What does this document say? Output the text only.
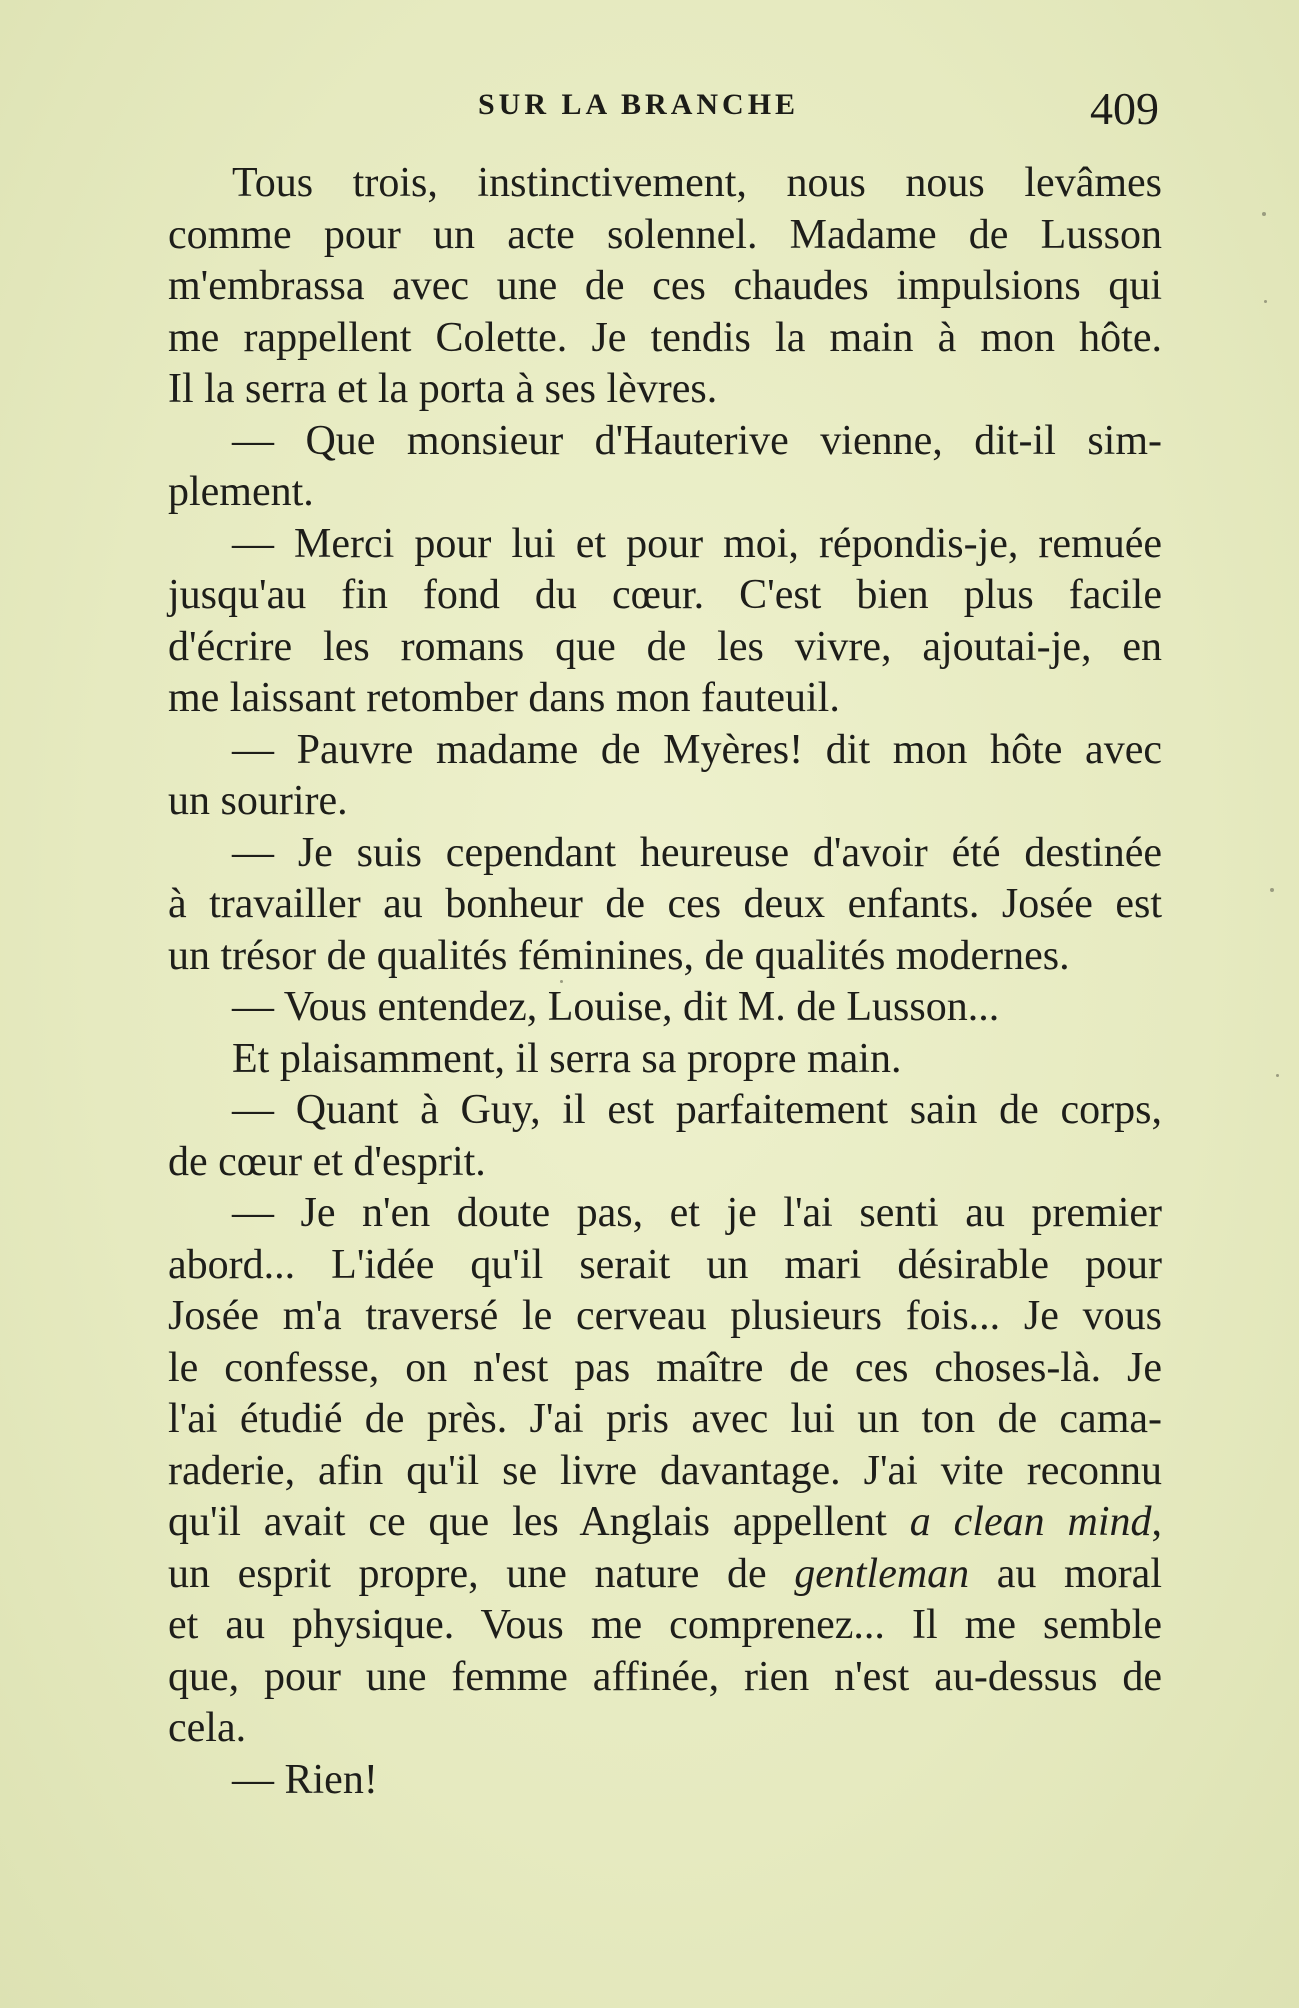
SUR LA BRANCHE	409

Tous trois, instinctivement, nous nous levâmes
comme pour un acte solennel. Madame de Lusson
m'embrassa avec une de ces chaudes impulsions qui
me rappellent Colette. Je tendis la main à mon hôte.
Il la serra et la porta à ses lèvres.

— Que monsieur d'Hauterive vienne, dit-il sim-
plement.

— Merci pour lui et pour moi, répondis-je, remuée
jusqu'au fin fond du cœur. C'est bien plus facile
d'écrire les romans que de les vivre, ajoutai-je, en
me laissant retomber dans mon fauteuil.

— Pauvre madame de Myères! dit mon hôte avec
un sourire.

— Je suis cependant heureuse d'avoir été destinée
à travailler au bonheur de ces deux enfants. Josée est
un trésor de qualités féminines, de qualités modernes.

— Vous entendez, Louise, dit M. de Lusson...

Et plaisamment, il serra sa propre main.

— Quant à Guy, il est parfaitement sain de corps,
de cœur et d'esprit.

— Je n'en doute pas, et je l'ai senti au premier
abord... L'idée qu'il serait un mari désirable pour
Josée m'a traversé le cerveau plusieurs fois... Je vous
le confesse, on n'est pas maître de ces choses-là. Je
l'ai étudié de près. J'ai pris avec lui un ton de cama-
raderie, afin qu'il se livre davantage. J'ai vite reconnu
qu'il avait ce que les Anglais appellent a clean mind,
un esprit propre, une nature de gentleman au moral
et au physique. Vous me comprenez... Il me semble
que, pour une femme affinée, rien n'est au-dessus de
cela.

— Rien!
